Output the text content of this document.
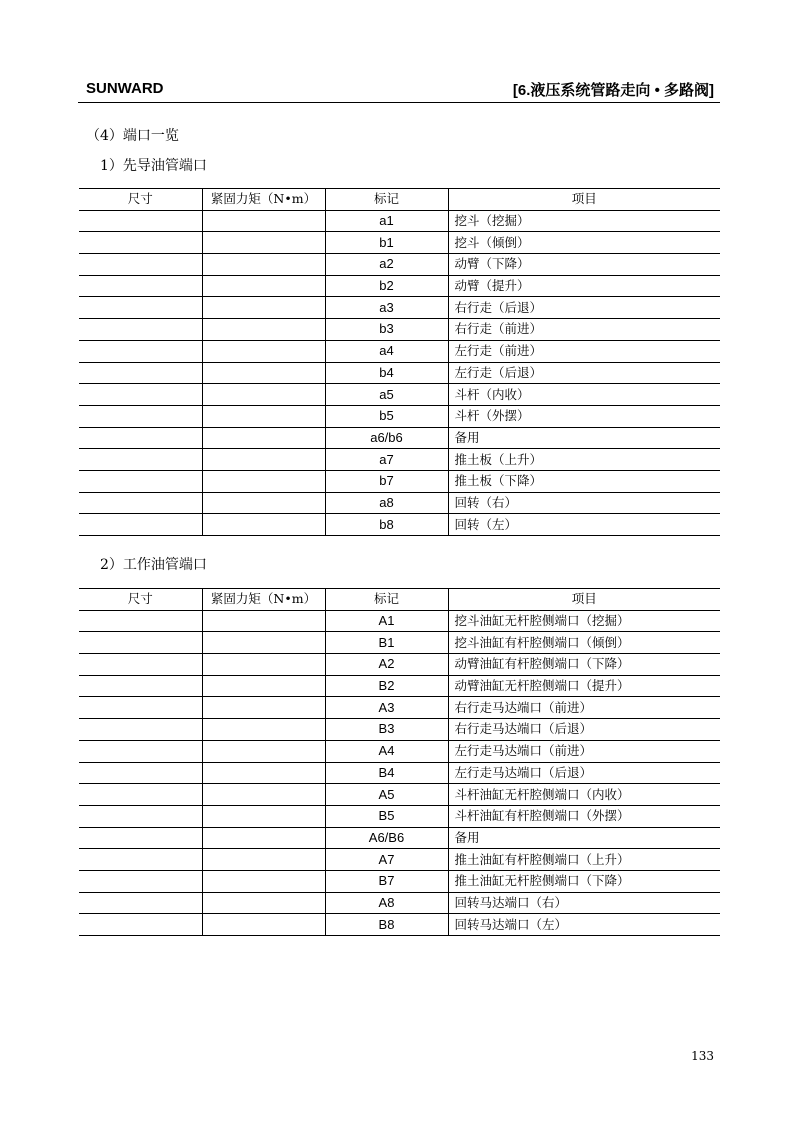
SUNWARD	[6.液压系统管路走向 • 多路阀]
（4）端口一览
1）先导油管端口
尺寸	紧固力矩（N•m）	标记	项目
		a1	挖斗（挖掘）
		b1	挖斗（倾倒）
		a2	动臂（下降）
		b2	动臂（提升）
		a3	右行走（后退）
		b3	右行走（前进）
		a4	左行走（前进）
		b4	左行走（后退）
		a5	斗杆（内收）
		b5	斗杆（外摆）
		a6/b6	备用
		a7	推土板（上升）
		b7	推土板（下降）
		a8	回转（右）
		b8	回转（左）
2）工作油管端口
尺寸	紧固力矩（N•m）	标记	项目
		A1	挖斗油缸无杆腔侧端口（挖掘）
		B1	挖斗油缸有杆腔侧端口（倾倒）
		A2	动臂油缸有杆腔侧端口（下降）
		B2	动臂油缸无杆腔侧端口（提升）
		A3	右行走马达端口（前进）
		B3	右行走马达端口（后退）
		A4	左行走马达端口（前进）
		B4	左行走马达端口（后退）
		A5	斗杆油缸无杆腔侧端口（内收）
		B5	斗杆油缸有杆腔侧端口（外摆）
		A6/B6	备用
		A7	推土油缸有杆腔侧端口（上升）
		B7	推土油缸无杆腔侧端口（下降）
		A8	回转马达端口（右）
		B8	回转马达端口（左）
133
